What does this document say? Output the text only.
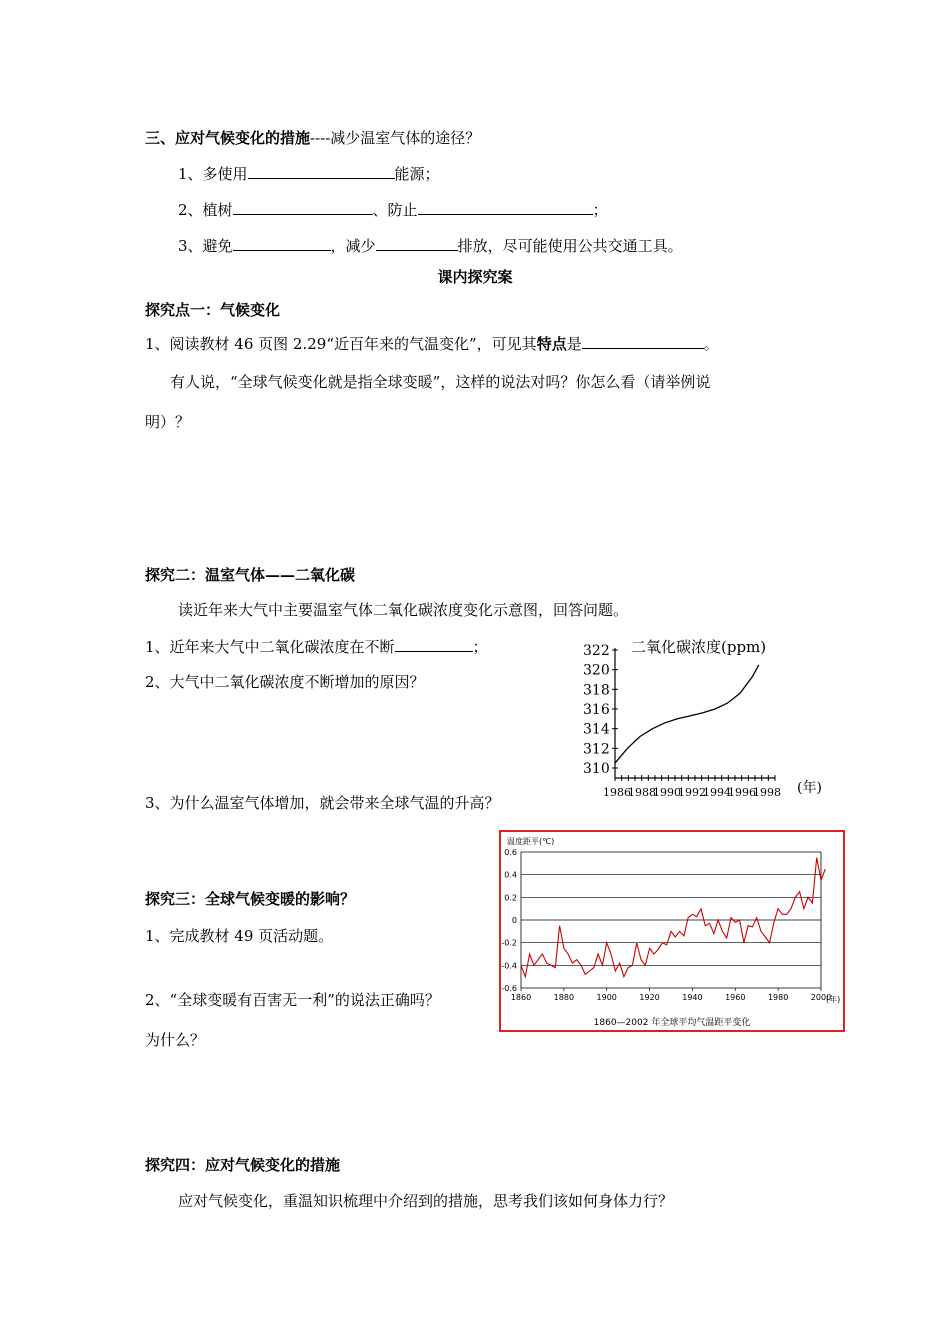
三、应对气候变化的措施----减少温室气体的途径？
1、多使用	能源；
2、植树	、防止	；
3、避免	，减少	排放，尽可能使用公共交通工具。
课内探究案
探究点一：气候变化
1、阅读教材 46 页图 2.29“近百年来的气温变化”，可见其特点是	。
有人说，“全球气候变化就是指全球变暖”，这样的说法对吗？你怎么看（请举例说
明）？
探究二：温室气体——二氧化碳
读近年来大气中主要温室气体二氧化碳浓度变化示意图，回答问题。
1、近年来大气中二氧化碳浓度在不断	；
2、大气中二氧化碳浓度不断增加的原因？
3、为什么温室气体增加，就会带来全球气温的升高？
二氧化碳浓度(ppm)
310
312
314
316
318
320
322
1986
1988
1990
1992
1994
1996
1998 (年)
温度距平(℃)
-0.6
-0.4
-0.2
0
0.2
0.4
0.6
1860	1880	1900	1920	1940	1960	1980	2000
(年)
1860—2002 年全球平均气温距平变化
探究三：全球气候变暖的影响？
1、完成教材 49 页活动题。
2、“全球变暖有百害无一利”的说法正确吗？
为什么？
探究四：应对气候变化的措施
应对气候变化，重温知识梳理中介绍到的措施，思考我们该如何身体力行？
